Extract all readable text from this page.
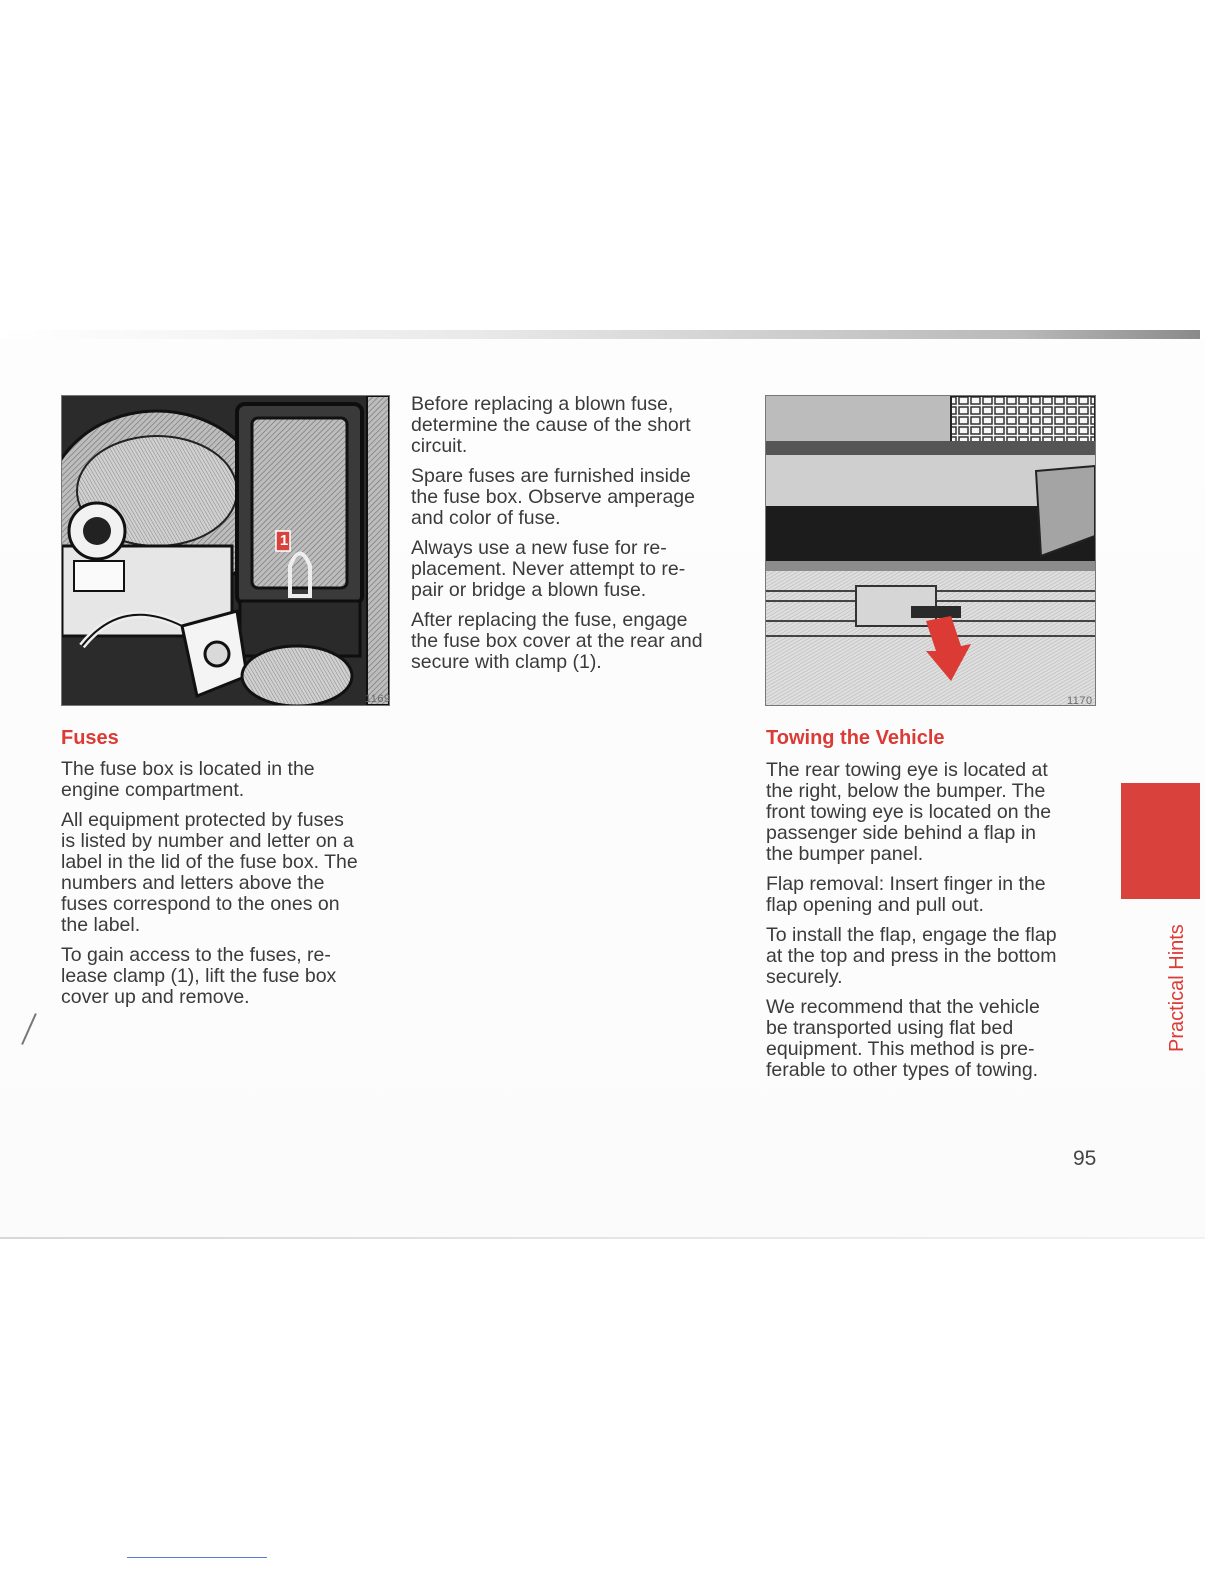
1
1169	1170
Fuses

The fuse box is located in the
engine compartment.

All equipment protected by fuses
is listed by number and letter on a
label in the lid of the fuse box. The
numbers and letters above the
fuses correspond to the ones on
the label.

To gain access to the fuses, re-
lease clamp (1), lift the fuse box
cover up and remove.

Before replacing a blown fuse,
determine the cause of the short
circuit.

Spare fuses are furnished inside
the fuse box. Observe amperage
and color of fuse.

Always use a new fuse for re-
placement. Never attempt to re-
pair or bridge a blown fuse.

After replacing the fuse, engage
the fuse box cover at the rear and
secure with clamp (1).

Towing the Vehicle

The rear towing eye is located at
the right, below the bumper. The
front towing eye is located on the
passenger side behind a flap in
the bumper panel.

Flap removal: Insert finger in the
flap opening and pull out.

To install the flap, engage the flap
at the top and press in the bottom
securely.

We recommend that the vehicle
be transported using flat bed
equipment. This method is pre-
ferable to other types of towing.

Practical Hints
95
